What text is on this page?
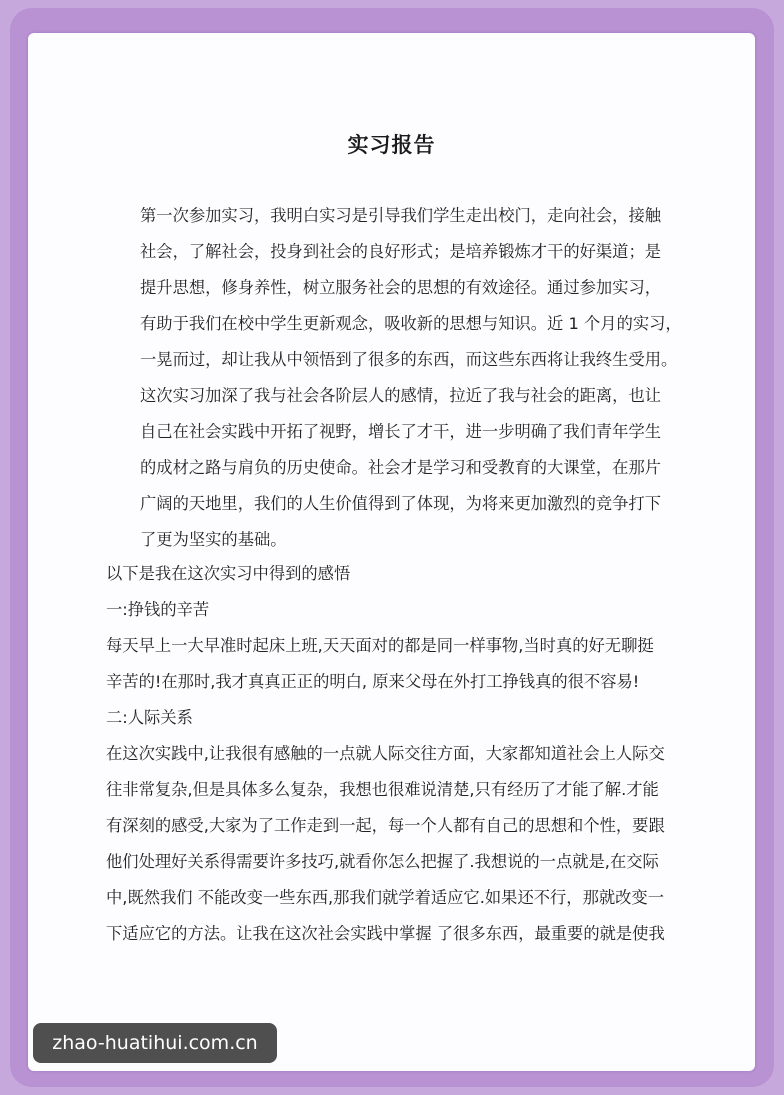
实习报告
第一次参加实习，我明白实习是引导我们学生走出校门，走向社会，接触
社会，了解社会，投身到社会的良好形式；是培养锻炼才干的好渠道；是
提升思想，修身养性，树立服务社会的思想的有效途径。通过参加实习，
有助于我们在校中学生更新观念，吸收新的思想与知识。近 1 个月的实习，
一晃而过，却让我从中领悟到了很多的东西，而这些东西将让我终生受用。
这次实习加深了我与社会各阶层人的感情，拉近了我与社会的距离，也让
自己在社会实践中开拓了视野，增长了才干，进一步明确了我们青年学生
的成材之路与肩负的历史使命。社会才是学习和受教育的大课堂，在那片
广阔的天地里，我们的人生价值得到了体现，为将来更加激烈的竞争打下
了更为坚实的基础。
以下是我在这次实习中得到的感悟
一:挣钱的辛苦
每天早上一大早准时起床上班,天天面对的都是同一样事物,当时真的好无聊挺
辛苦的!在那时,我才真真正正的明白, 原来父母在外打工挣钱真的很不容易!
二:人际关系
在这次实践中,让我很有感触的一点就人际交往方面，大家都知道社会上人际交
往非常复杂,但是具体多么复杂，我想也很难说清楚,只有经历了才能了解.才能
有深刻的感受,大家为了工作走到一起，每一个人都有自己的思想和个性，要跟
他们处理好关系得需要许多技巧,就看你怎么把握了.我想说的一点就是,在交际
中,既然我们 不能改变一些东西,那我们就学着适应它.如果还不行，那就改变一
下适应它的方法。让我在这次社会实践中掌握 了很多东西，最重要的就是使我
zhao-huatihui.com.cn
